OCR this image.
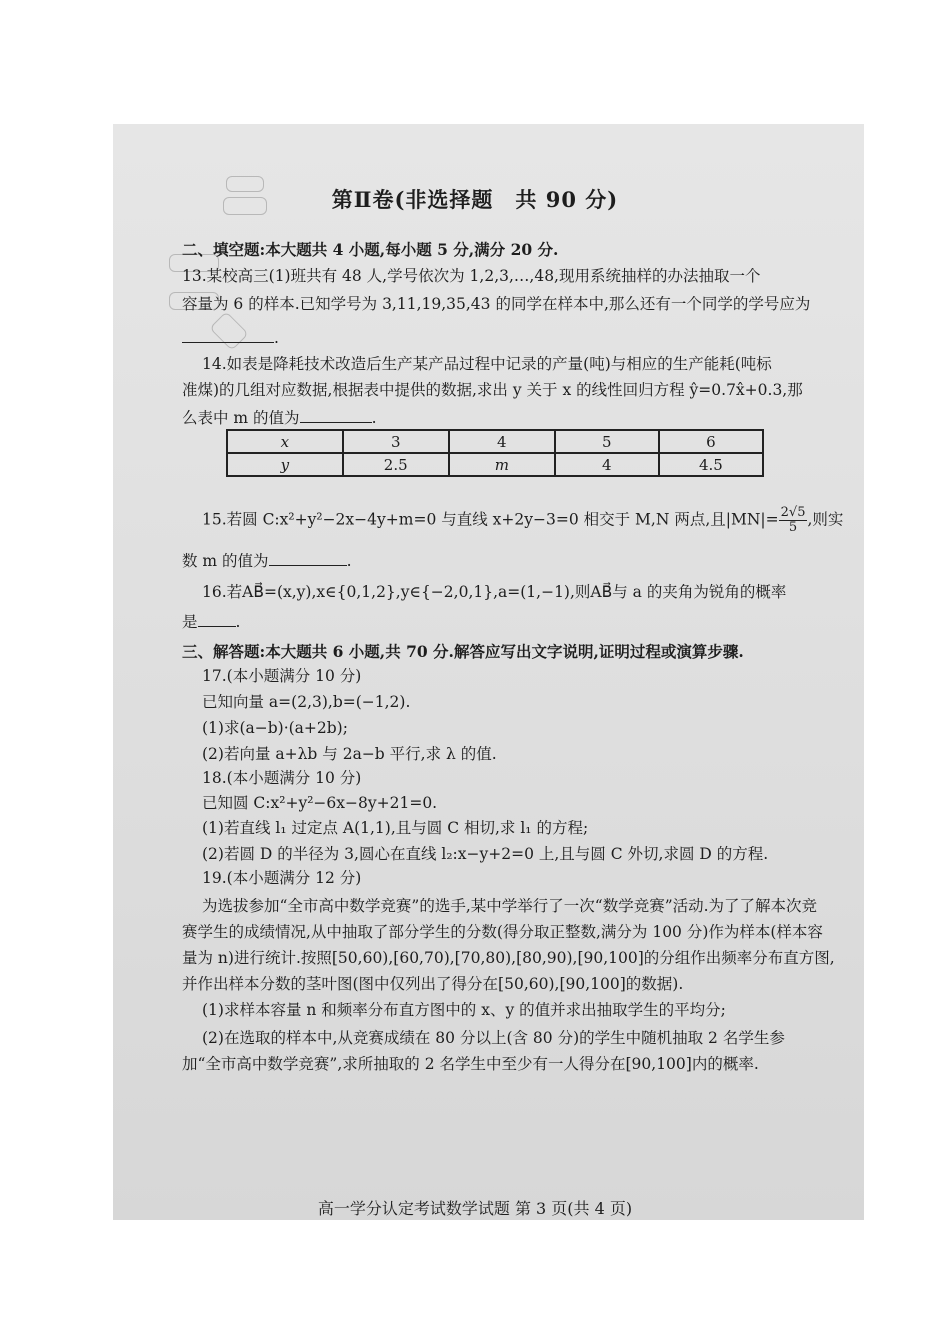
第Ⅱ卷(非选择题　共 90 分)
二、填空题:本大题共 4 小题,每小题 5 分,满分 20 分.
13.某校高三(1)班共有 48 人,学号依次为 1,2,3,…,48,现用系统抽样的办法抽取一个
容量为 6 的样本.已知学号为 3,11,19,35,43 的同学在样本中,那么还有一个同学的学号应为
.
14.如表是降耗技术改造后生产某产品过程中记录的产量(吨)与相应的生产能耗(吨标
准煤)的几组对应数据,根据表中提供的数据,求出 y 关于 x 的线性回归方程 ŷ=0.7x̂+0.3,那
么表中 m 的值为	.
x	3	4	5	6
y	2.5	m	4	4.5
15.若圆 C:x²+y²−2x−4y+m=0 与直线 x+2y−3=0 相交于 M,N 两点,且$|MN|= \frac{2√5}{5}$ ,则实
数 m 的值为	.
16.若AB⃗=(x,y),x∈{0,1,2},y∈{−2,0,1},a=(1,−1),则AB⃗与 a 的夹角为锐角的概率
是 .
三、解答题:本大题共 6 小题,共 70 分.解答应写出文字说明,证明过程或演算步骤.
17.(本小题满分 10 分)
已知向量 a=(2,3),b=(−1,2).
(1)求(a−b)·(a+2b);
(2)若向量 a+λb 与 2a−b 平行,求 λ 的值.
18.(本小题满分 10 分)
已知圆 C:x²+y²−6x−8y+21=0.
(1)若直线 l₁ 过定点 A(1,1),且与圆 C 相切,求 l₁ 的方程;
(2)若圆 D 的半径为 3,圆心在直线 l₂:x−y+2=0 上,且与圆 C 外切,求圆 D 的方程.
19.(本小题满分 12 分)
为选拔参加“全市高中数学竞赛”的选手,某中学举行了一次“数学竞赛”活动.为了了解本次竞
赛学生的成绩情况,从中抽取了部分学生的分数(得分取正整数,满分为 100 分)作为样本(样本容
量为 n)进行统计.按照[50,60),[60,70),[70,80),[80,90),[90,100]的分组作出频率分布直方图,
并作出样本分数的茎叶图(图中仅列出了得分在[50,60),[90,100]的数据).
(1)求样本容量 n 和频率分布直方图中的 x、y 的值并求出抽取学生的平均分;
(2)在选取的样本中,从竞赛成绩在 80 分以上(含 80 分)的学生中随机抽取 2 名学生参
加“全市高中数学竞赛”,求所抽取的 2 名学生中至少有一人得分在[90,100]内的概率.
高一学分认定考试数学试题 第 3 页(共 4 页)
